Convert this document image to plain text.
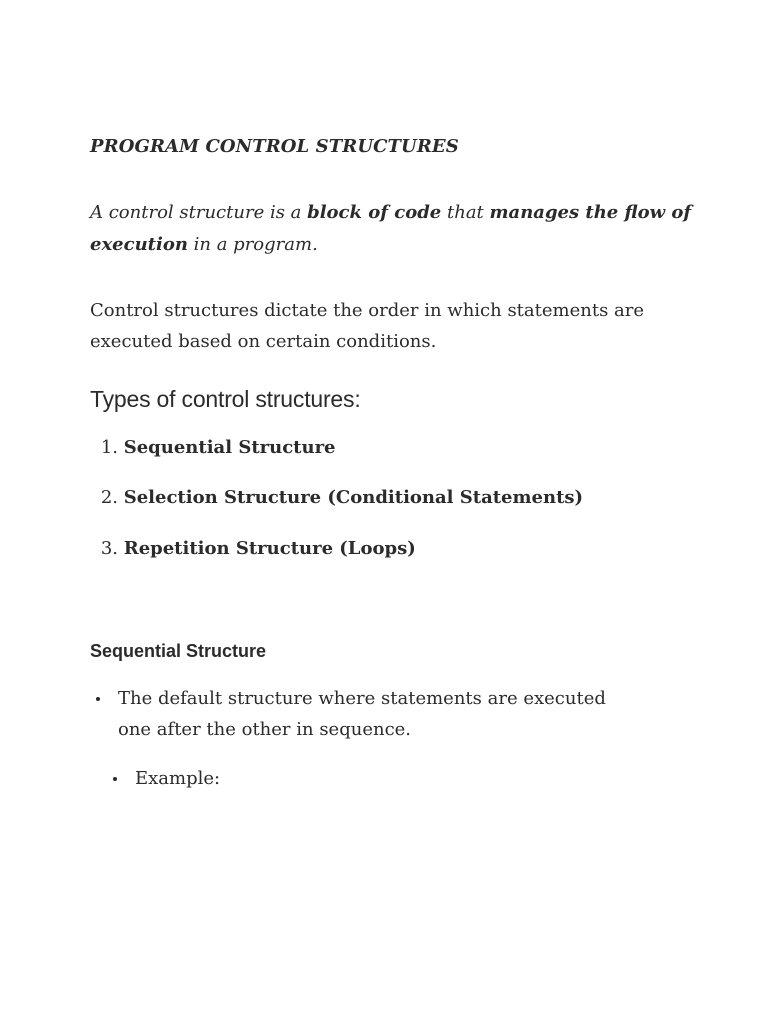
PROGRAM CONTROL STRUCTURES

A control structure is a block of code that manages the flow of execution in a program.

Control structures dictate the order in which statements are executed based on certain conditions.

Types of control structures:
1. Sequential Structure
2. Selection Structure (Conditional Statements)
3. Repetition Structure (Loops)
Sequential Structure
The default structure where statements are executed one after the other in sequence.
Example:
